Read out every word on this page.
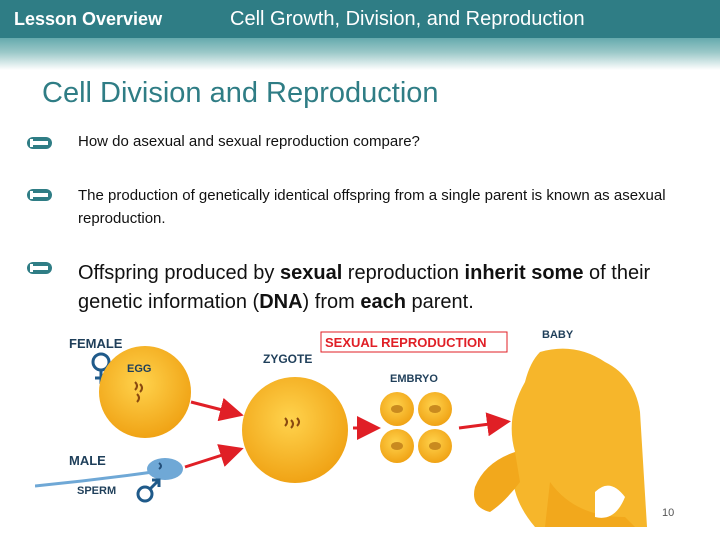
Lesson Overview	Cell Growth, Division, and Reproduction
Cell Division and Reproduction
How do asexual and sexual reproduction compare?
The production of genetically identical offspring from a single parent is known as asexual reproduction.
Offspring produced by sexual reproduction inherit some of their genetic information (DNA) from each parent.
FEMALE
EGG
MALE
SPERM
ZYGOTE
SEXUAL REPRODUCTION
EMBRYO
BABY
10
